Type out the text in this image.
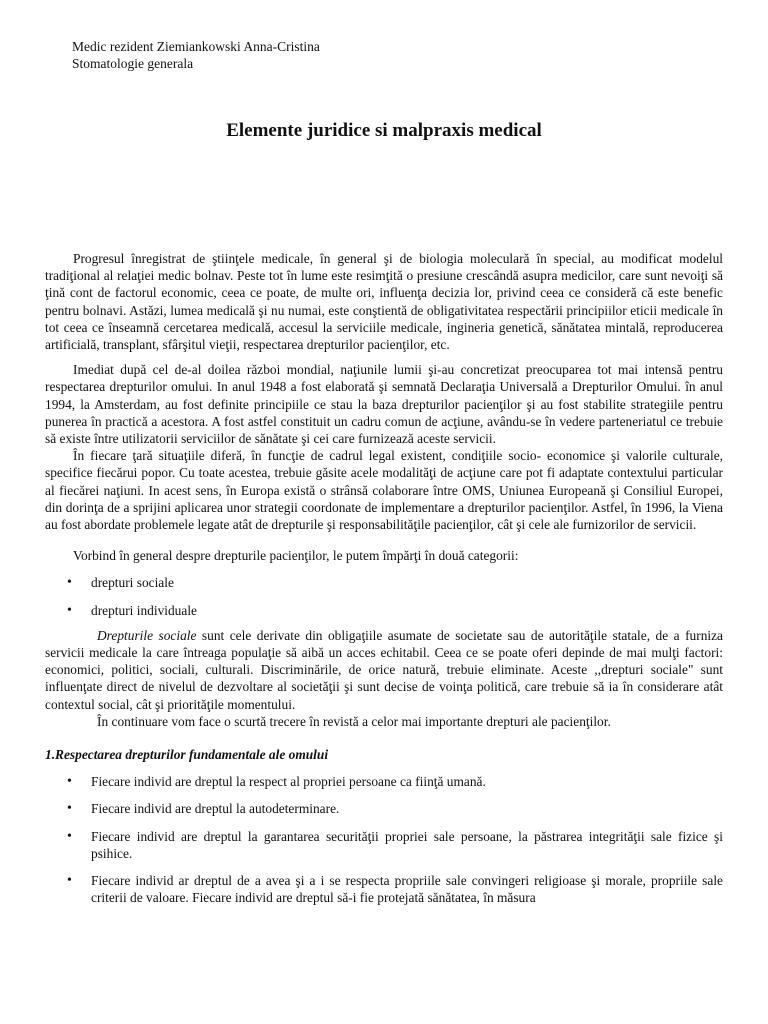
Medic rezident Ziemiankowski Anna-Cristina
Stomatologie generala
Elemente juridice si malpraxis medical

Progresul înregistrat de ştiinţele medicale, în general şi de biologia moleculară în special, au modificat modelul tradiţional al relaţiei medic bolnav. Peste tot în lume este resimţită o presiune crescândă asupra medicilor, care sunt nevoiţi să ţină cont de factorul economic, ceea ce poate, de multe ori, influenţa decizia lor, privind ceea ce consideră că este benefic pentru bolnavi. Astăzi, lumea medicală şi nu numai, este conştientă de obligativitatea respectării principiilor eticii medicale în tot ceea ce înseamnă cercetarea medicală, accesul la serviciile medicale, ingineria genetică, sănătatea mintală, reproducerea artificială, transplant, sfârşitul vieţii, respectarea drepturilor pacienţilor, etc.

Imediat după cel de-al doilea război mondial, naţiunile lumii şi-au concretizat preocuparea tot mai intensă pentru respectarea drepturilor omului. In anul 1948 a fost elaborată şi semnată Declaraţia Universală a Drepturilor Omului. în anul 1994, la Amsterdam, au fost definite principiile ce stau la baza drepturilor pacienţilor şi au fost stabilite strategiile pentru punerea în practică a acestora. A fost astfel constituit un cadru comun de acţiune, avându-se în vedere parteneriatul ce trebuie să existe între utilizatorii serviciilor de sănătate şi cei care furnizează aceste servicii.

În fiecare ţară situaţiile diferă, în funcţie de cadrul legal existent, condiţiile socio- economice şi valorile culturale, specifice fiecărui popor. Cu toate acestea, trebuie găsite acele modalităţi de acţiune care pot fi adaptate contextului particular al fiecărei naţiuni. In acest sens, în Europa există o strânsă colaborare între OMS, Uniunea Europeană şi Consiliul Europei, din dorinţa de a sprijini aplicarea unor strategii coordonate de implementare a drepturilor pacienţilor. Astfel, în 1996, la Viena au fost abordate problemele legate atât de drepturile şi responsabilităţile pacienţilor, cât şi cele ale furnizorilor de servicii.

Vorbind în general despre drepturile pacienţilor, le putem împărţi în două categorii:

• drepturi sociale
• drepturi individuale

Drepturile sociale sunt cele derivate din obligaţiile asumate de societate sau de autorităţile statale, de a furniza servicii medicale la care întreaga populaţie să aibă un acces echitabil. Ceea ce se poate oferi depinde de mai mulţi factori: economici, politici, sociali, culturali. Discriminările, de orice natură, trebuie eliminate. Aceste ,,drepturi sociale" sunt influenţate direct de nivelul de dezvoltare al societăţii şi sunt decise de voinţa politică, care trebuie să ia în considerare atât contextul social, cât şi priorităţile momentului.

În continuare vom face o scurtă trecere în revistă a celor mai importante drepturi ale pacienţilor.

1.Respectarea drepturilor fundamentale ale omului
• Fiecare individ are dreptul la respect al propriei persoane ca fiinţă umană.
• Fiecare individ are dreptul la autodeterminare.
• Fiecare individ are dreptul la garantarea securităţii propriei sale persoane, la păstrarea integrităţii sale fizice şi psihice.
• Fiecare individ ar dreptul de a avea şi a i se respecta propriile sale convingeri religioase şi morale, propriile sale criterii de valoare. Fiecare individ are dreptul să-i fie protejată sănătatea, în măsura
